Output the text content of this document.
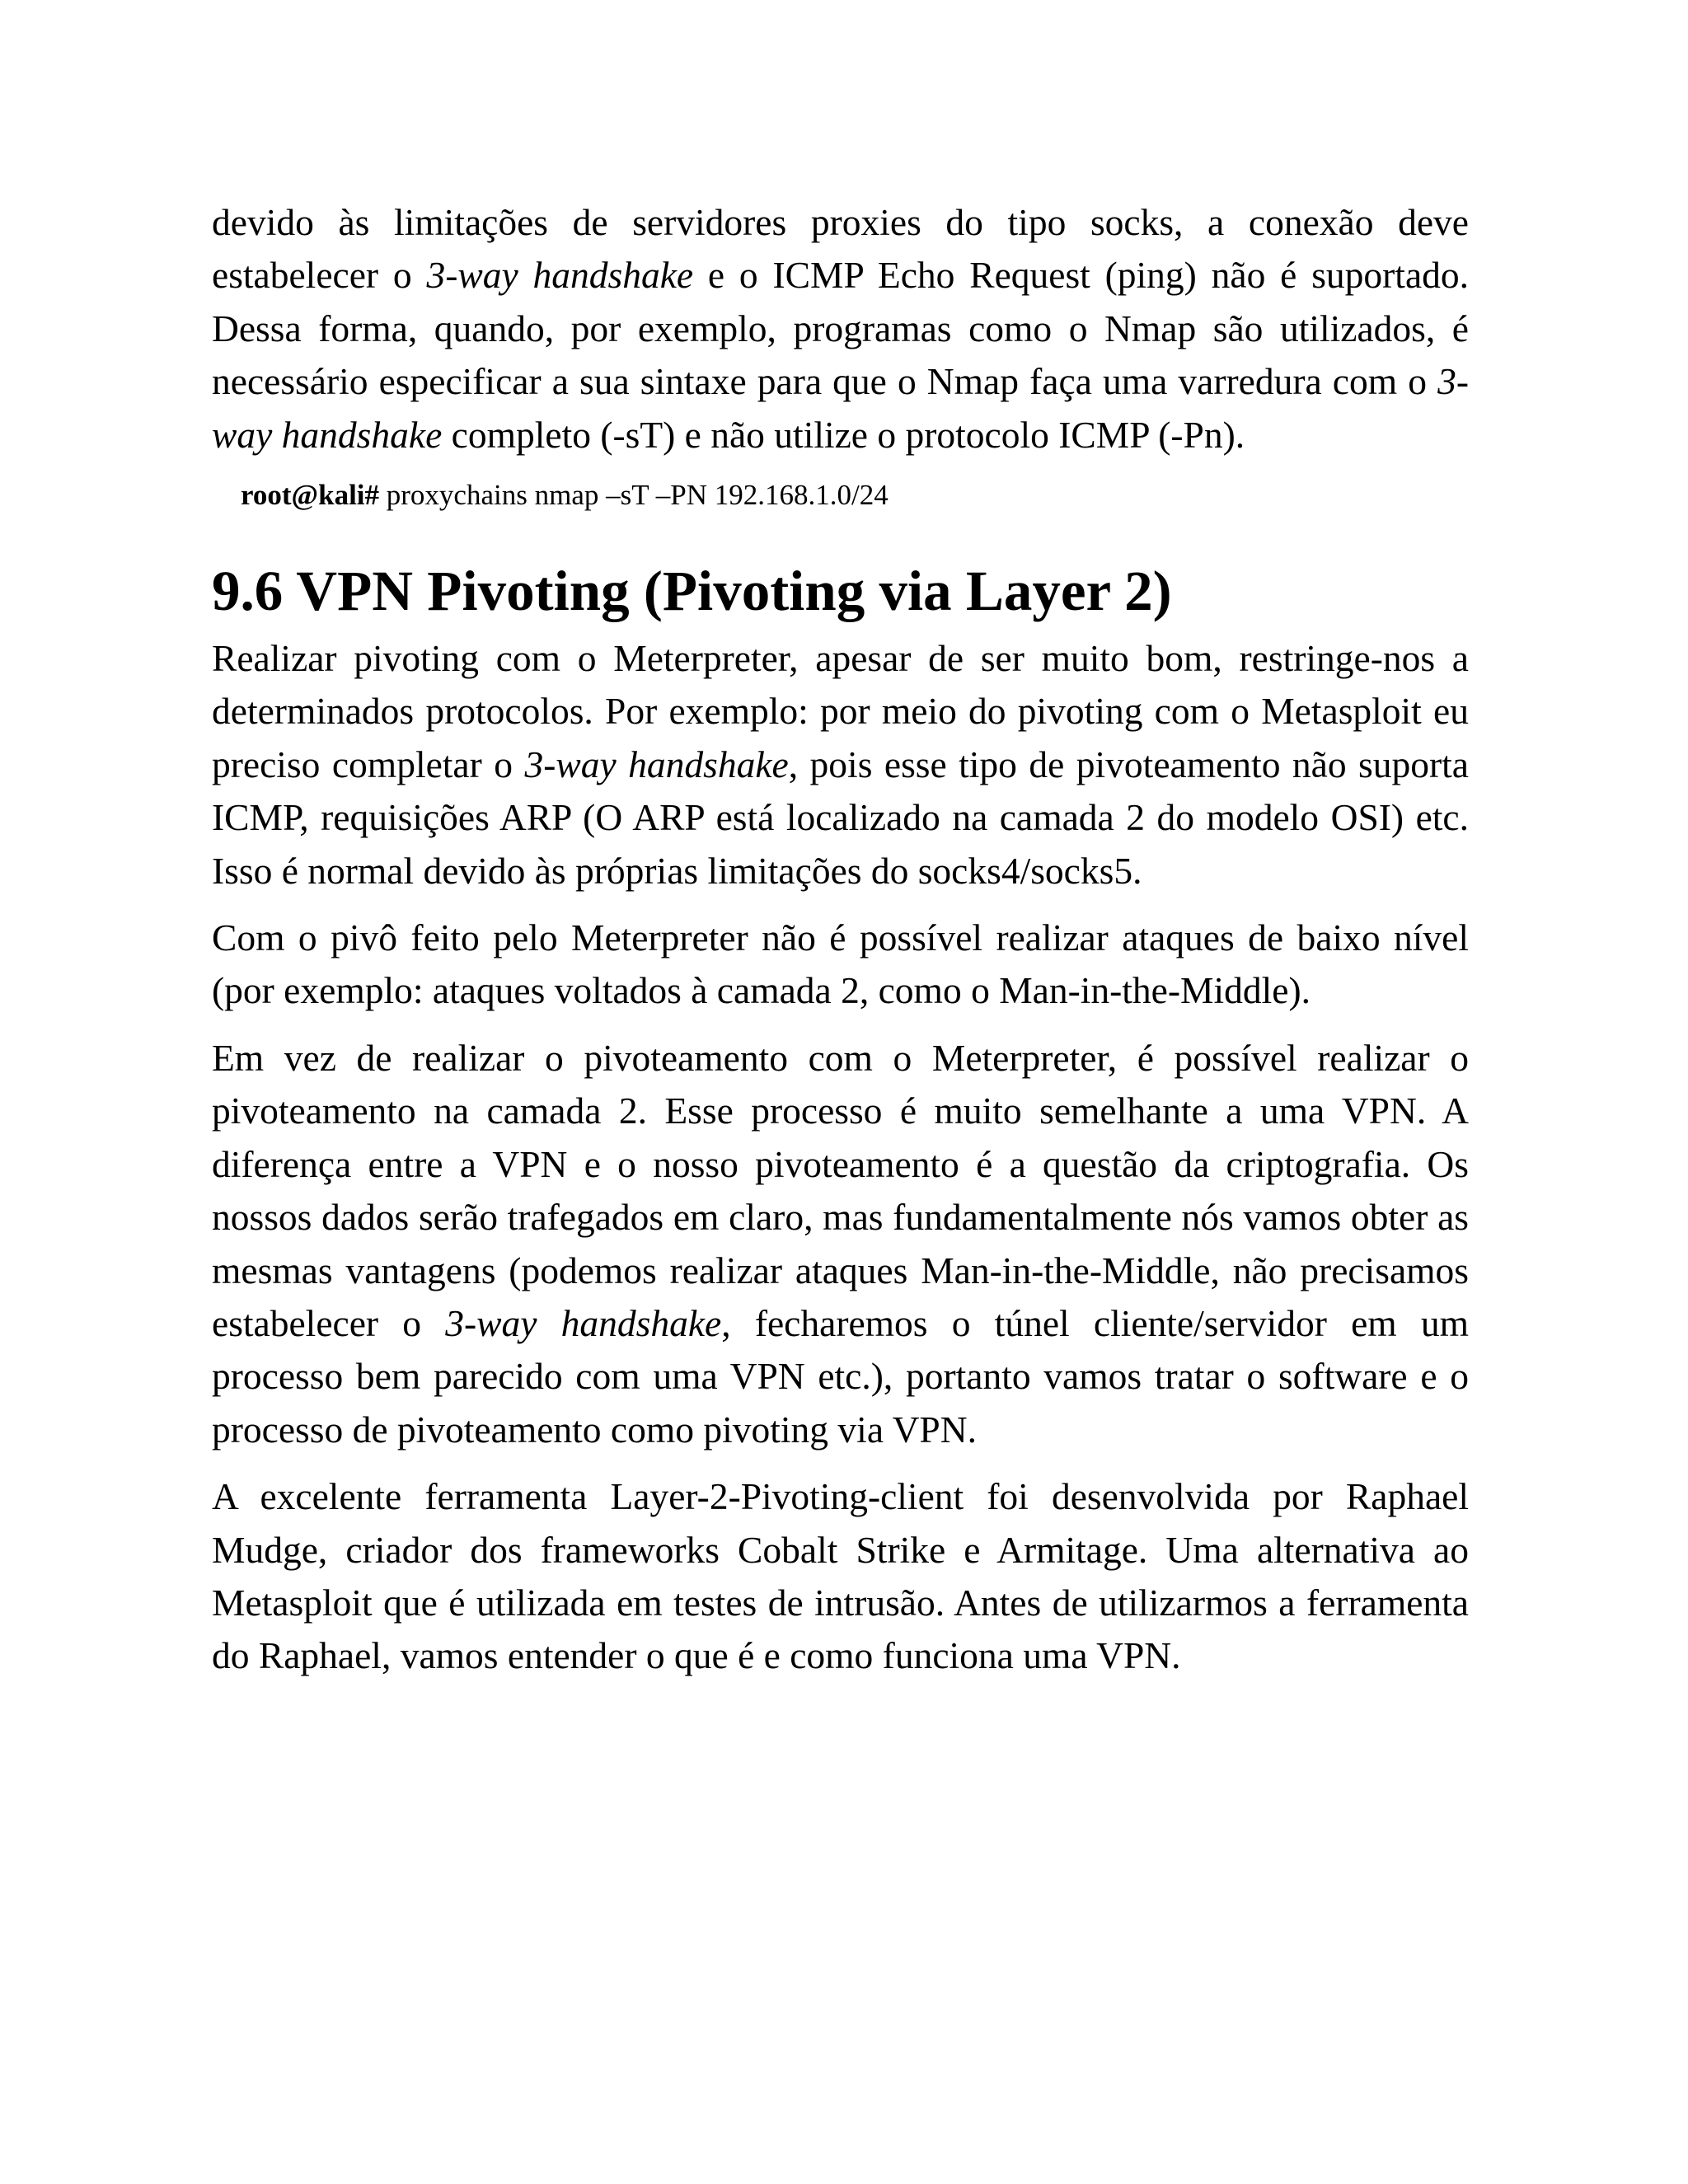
devido às limitações de servidores proxies do tipo socks, a conexão deve estabelecer o 3-way handshake e o ICMP Echo Request (ping) não é suportado. Dessa forma, quando, por exemplo, programas como o Nmap são utilizados, é necessário especificar a sua sintaxe para que o Nmap faça uma varredura com o 3-way handshake completo (-sT) e não utilize o protocolo ICMP (-Pn).

root@kali# proxychains nmap –sT –PN 192.168.1.0/24
9.6 VPN Pivoting (Pivoting via Layer 2)

Realizar pivoting com o Meterpreter, apesar de ser muito bom, restringe-nos a determinados protocolos. Por exemplo: por meio do pivoting com o Metasploit eu preciso completar o 3-way handshake, pois esse tipo de pivoteamento não suporta ICMP, requisições ARP (O ARP está localizado na camada 2 do modelo OSI) etc. Isso é normal devido às próprias limitações do socks4/socks5.

Com o pivô feito pelo Meterpreter não é possível realizar ataques de baixo nível (por exemplo: ataques voltados à camada 2, como o Man-in-the-Middle).

Em vez de realizar o pivoteamento com o Meterpreter, é possível realizar o pivoteamento na camada 2. Esse processo é muito semelhante a uma VPN. A diferença entre a VPN e o nosso pivoteamento é a questão da criptografia. Os nossos dados serão trafegados em claro, mas fundamentalmente nós vamos obter as mesmas vantagens (podemos realizar ataques Man-in-the-Middle, não precisamos estabelecer o 3-way handshake, fecharemos o túnel cliente/servidor em um processo bem parecido com uma VPN etc.), portanto vamos tratar o software e o processo de pivoteamento como pivoting via VPN.

A excelente ferramenta Layer-2-Pivoting-client foi desenvolvida por Raphael Mudge, criador dos frameworks Cobalt Strike e Armitage. Uma alternativa ao Metasploit que é utilizada em testes de intrusão. Antes de utilizarmos a ferramenta do Raphael, vamos entender o que é e como funciona uma VPN.
